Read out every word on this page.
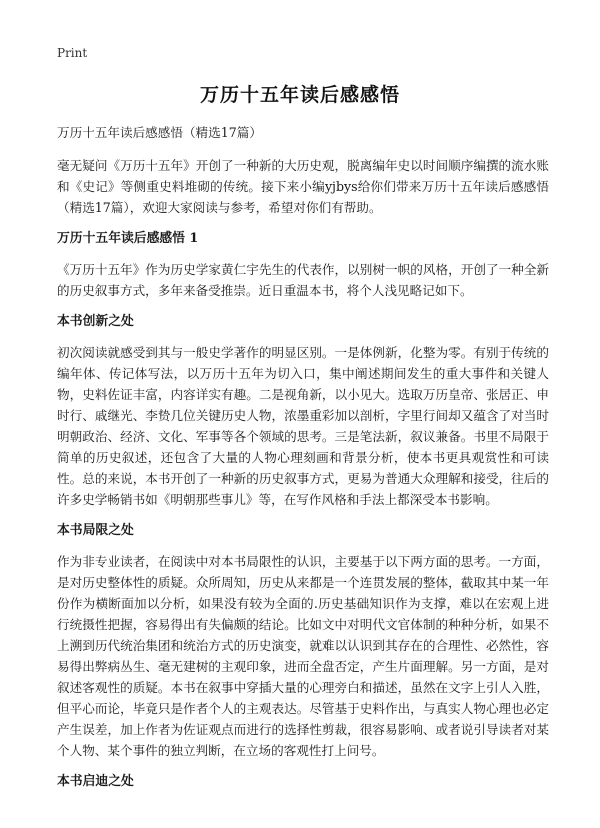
Print
万历十五年读后感感悟

万历十五年读后感感悟（精选17篇）

毫无疑问《万历十五年》开创了一种新的大历史观，脱离编年史以时间顺序编撰的流水账和《史记》等侧重史料堆砌的传统。接下来小编yjbys给你们带来万历十五年读后感感悟（精选17篇），欢迎大家阅读与参考，希望对你们有帮助。

万历十五年读后感感悟 1

《万历十五年》作为历史学家黄仁宇先生的代表作，以别树一帜的风格，开创了一种全新的历史叙事方式，多年来备受推崇。近日重温本书，将个人浅见略记如下。

本书创新之处

初次阅读就感受到其与一般史学著作的明显区别。一是体例新，化整为零。有别于传统的编年体、传记体写法，以万历十五年为切入口，集中阐述期间发生的重大事件和关键人物，史料佐证丰富，内容详实有趣。二是视角新，以小见大。选取万历皇帝、张居正、申时行、戚继光、李贽几位关键历史人物，浓墨重彩加以剖析，字里行间却又蕴含了对当时明朝政治、经济、文化、军事等各个领域的思考。三是笔法新，叙议兼备。书里不局限于简单的历史叙述，还包含了大量的人物心理刻画和背景分析，使本书更具观赏性和可读性。总的来说，本书开创了一种新的历史叙事方式，更易为普通大众理解和接受，往后的许多史学畅销书如《明朝那些事儿》等，在写作风格和手法上都深受本书影响。

本书局限之处

作为非专业读者，在阅读中对本书局限性的认识，主要基于以下两方面的思考。一方面，是对历史整体性的质疑。众所周知，历史从来都是一个连贯发展的整体，截取其中某一年份作为横断面加以分析，如果没有较为全面的.历史基础知识作为支撑，难以在宏观上进行统摄性把握，容易得出有失偏颇的结论。比如文中对明代文官体制的种种分析，如果不上溯到历代统治集团和统治方式的历史演变，就难以认识到其存在的合理性、必然性，容易得出弊病丛生、毫无建树的主观印象，进而全盘否定，产生片面理解。另一方面，是对叙述客观性的质疑。本书在叙事中穿插大量的心理旁白和描述，虽然在文字上引人入胜，但平心而论，毕竟只是作者个人的主观表达。尽管基于史料作出，与真实人物心理也必定产生误差，加上作者为佐证观点而进行的选择性剪裁，很容易影响、或者说引导读者对某个人物、某个事件的独立判断，在立场的客观性打上问号。

本书启迪之处
